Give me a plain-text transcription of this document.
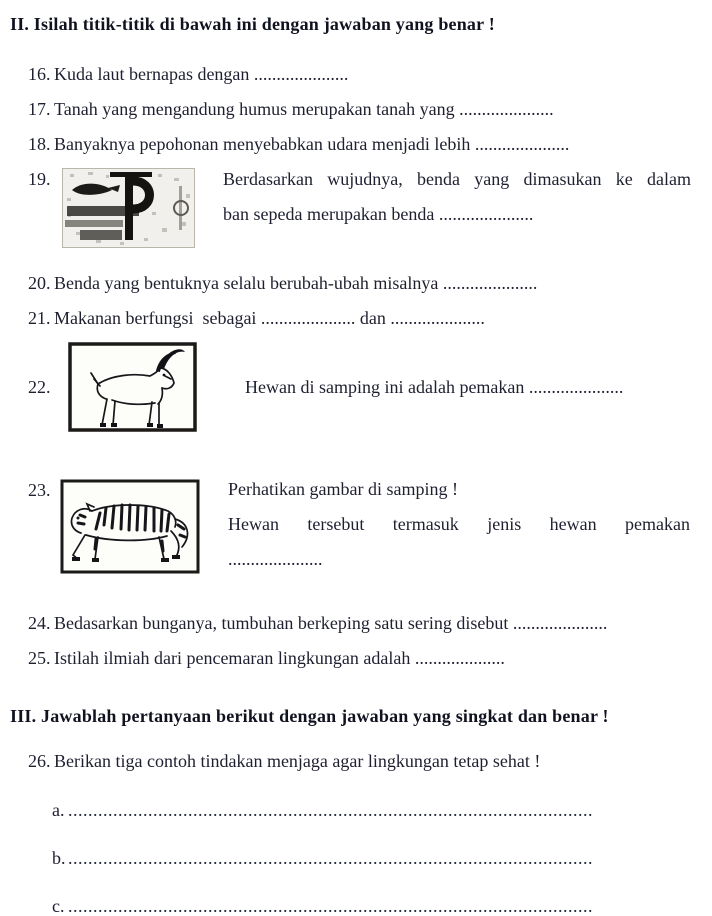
II. Isilah titik-titik di bawah ini dengan jawaban yang benar !
16. Kuda laut bernapas dengan .....................
17. Tanah yang mengandung humus merupakan tanah yang .....................
18. Banyaknya pepohonan menyebabkan udara menjadi lebih .....................
19.	Berdasarkan wujudnya, benda yang dimasukan ke dalam
ban sepeda merupakan benda .....................
20. Benda yang bentuknya selalu berubah-ubah misalnya .....................
21. Makanan berfungsi  sebagai ..................... dan .....................
22.	Hewan di samping ini adalah pemakan .....................
23.	Perhatikan gambar di samping !
Hewan tersebut termasuk jenis hewan pemakan
.....................
24. Bedasarkan bunganya, tumbuhan berkeping satu sering disebut .....................
25. Istilah ilmiah dari pencemaran lingkungan adalah ....................
III. Jawablah pertanyaan berikut dengan jawaban yang singkat dan benar !
26. Berikan tiga contoh tindakan menjaga agar lingkungan tetap sehat !
a. .........................................................................................................
b. .........................................................................................................
c. .........................................................................................................
